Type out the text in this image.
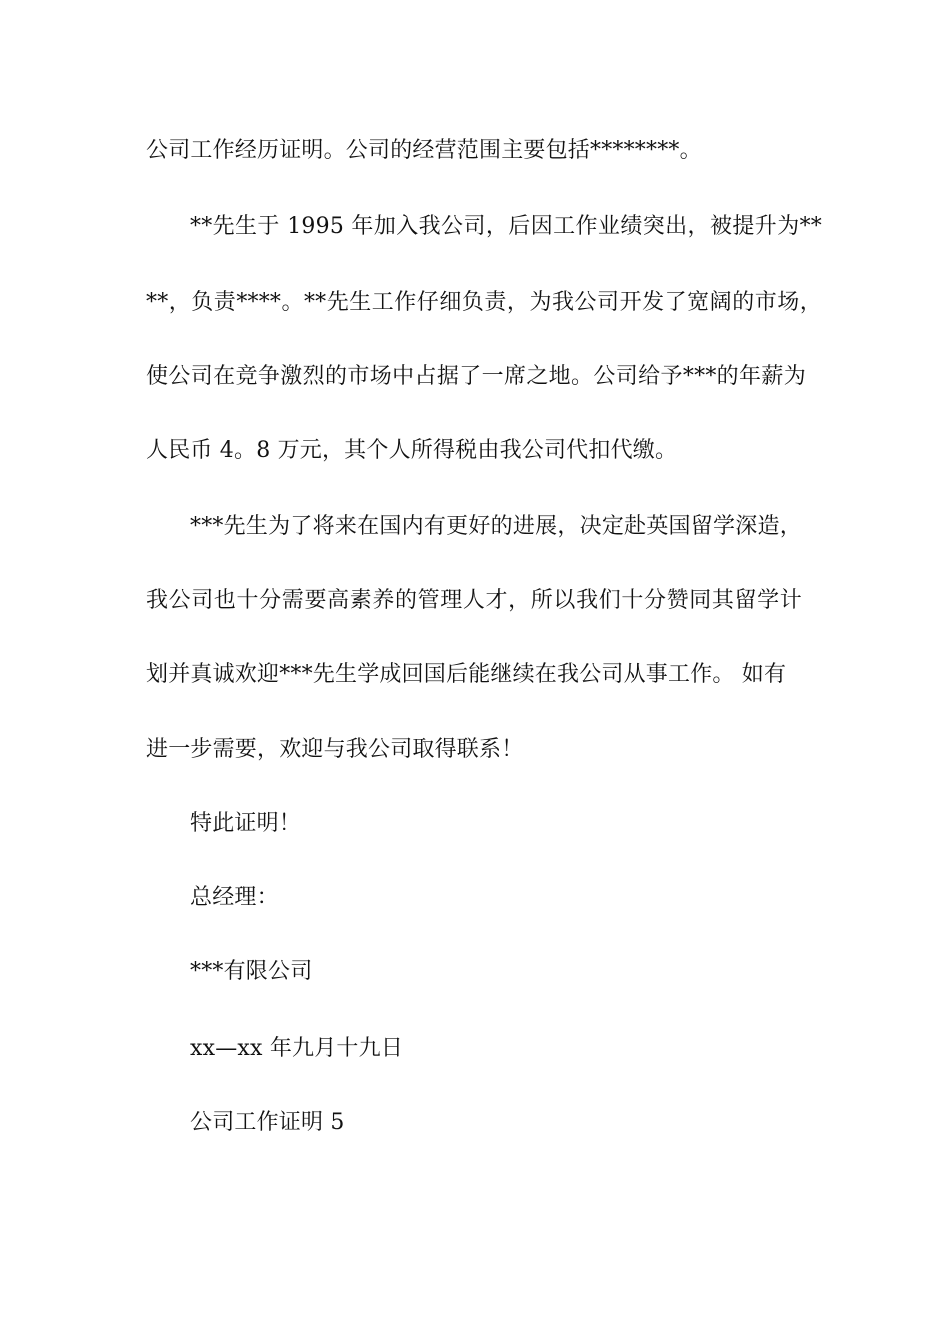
公司工作经历证明。公司的经营范围主要包括********。
**先生于 1995 年加入我公司，后因工作业绩突出，被提升为**
**，负责****。**先生工作仔细负责，为我公司开发了宽阔的市场，
使公司在竞争激烈的市场中占据了一席之地。公司给予***的年薪为
人民币 4。8 万元，其个人所得税由我公司代扣代缴。
***先生为了将来在国内有更好的进展，决定赴英国留学深造，
我公司也十分需要高素养的管理人才，所以我们十分赞同其留学计
划并真诚欢迎***先生学成回国后能继续在我公司从事工作。 如有
进一步需要，欢迎与我公司取得联系！
特此证明！
总经理：
***有限公司
xx—xx 年九月十九日
公司工作证明 5
